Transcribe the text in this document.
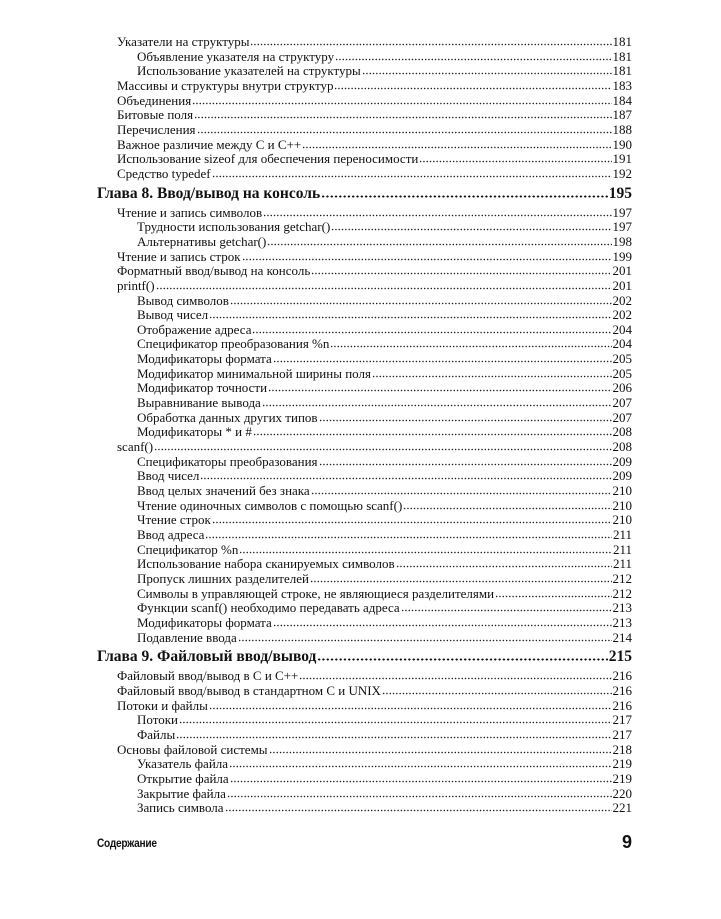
Указатели на структуры	181
Объявление указателя на структуру	181
Использование указателей на структуры	181
Массивы и структуры внутри структур	183
Объединения	184
Битовые поля	187
Перечисления	188
Важное различие между С и С++	190
Использование sizeof для обеспечения переносимости	191
Средство typedef	192
Глава 8. Ввод/вывод на консоль	195
Чтение и запись символов	197
Трудности использования getchar()	197
Альтернативы getchar()	198
Чтение и запись строк	199
Форматный ввод/вывод на консоль	201
printf()	201
Вывод символов	202
Вывод чисел	202
Отображение адреса	204
Спецификатор преобразования %n	204
Модификаторы формата	205
Модификатор минимальной ширины поля	205
Модификатор точности	206
Выравнивание вывода	207
Обработка данных других типов	207
Модификаторы * и #	208
scanf()	208
Спецификаторы преобразования	209
Ввод чисел	209
Ввод целых значений без знака	210
Чтение одиночных символов с помощью scanf()	210
Чтение строк	210
Ввод адреса	211
Спецификатор %n	211
Использование набора сканируемых символов	211
Пропуск лишних разделителей	212
Символы в управляющей строке, не являющиеся разделителями	212
Функции scanf() необходимо передавать адреса	213
Модификаторы формата	213
Подавление ввода	214
Глава 9. Файловый ввод/вывод	215
Файловый ввод/вывод в С и С++	216
Файловый ввод/вывод в стандартном С и UNIX	216
Потоки и файлы	216
Потоки	217
Файлы	217
Основы файловой системы	218
Указатель файла	219
Открытие файла	219
Закрытие файла	220
Запись символа	221
Содержание	9
